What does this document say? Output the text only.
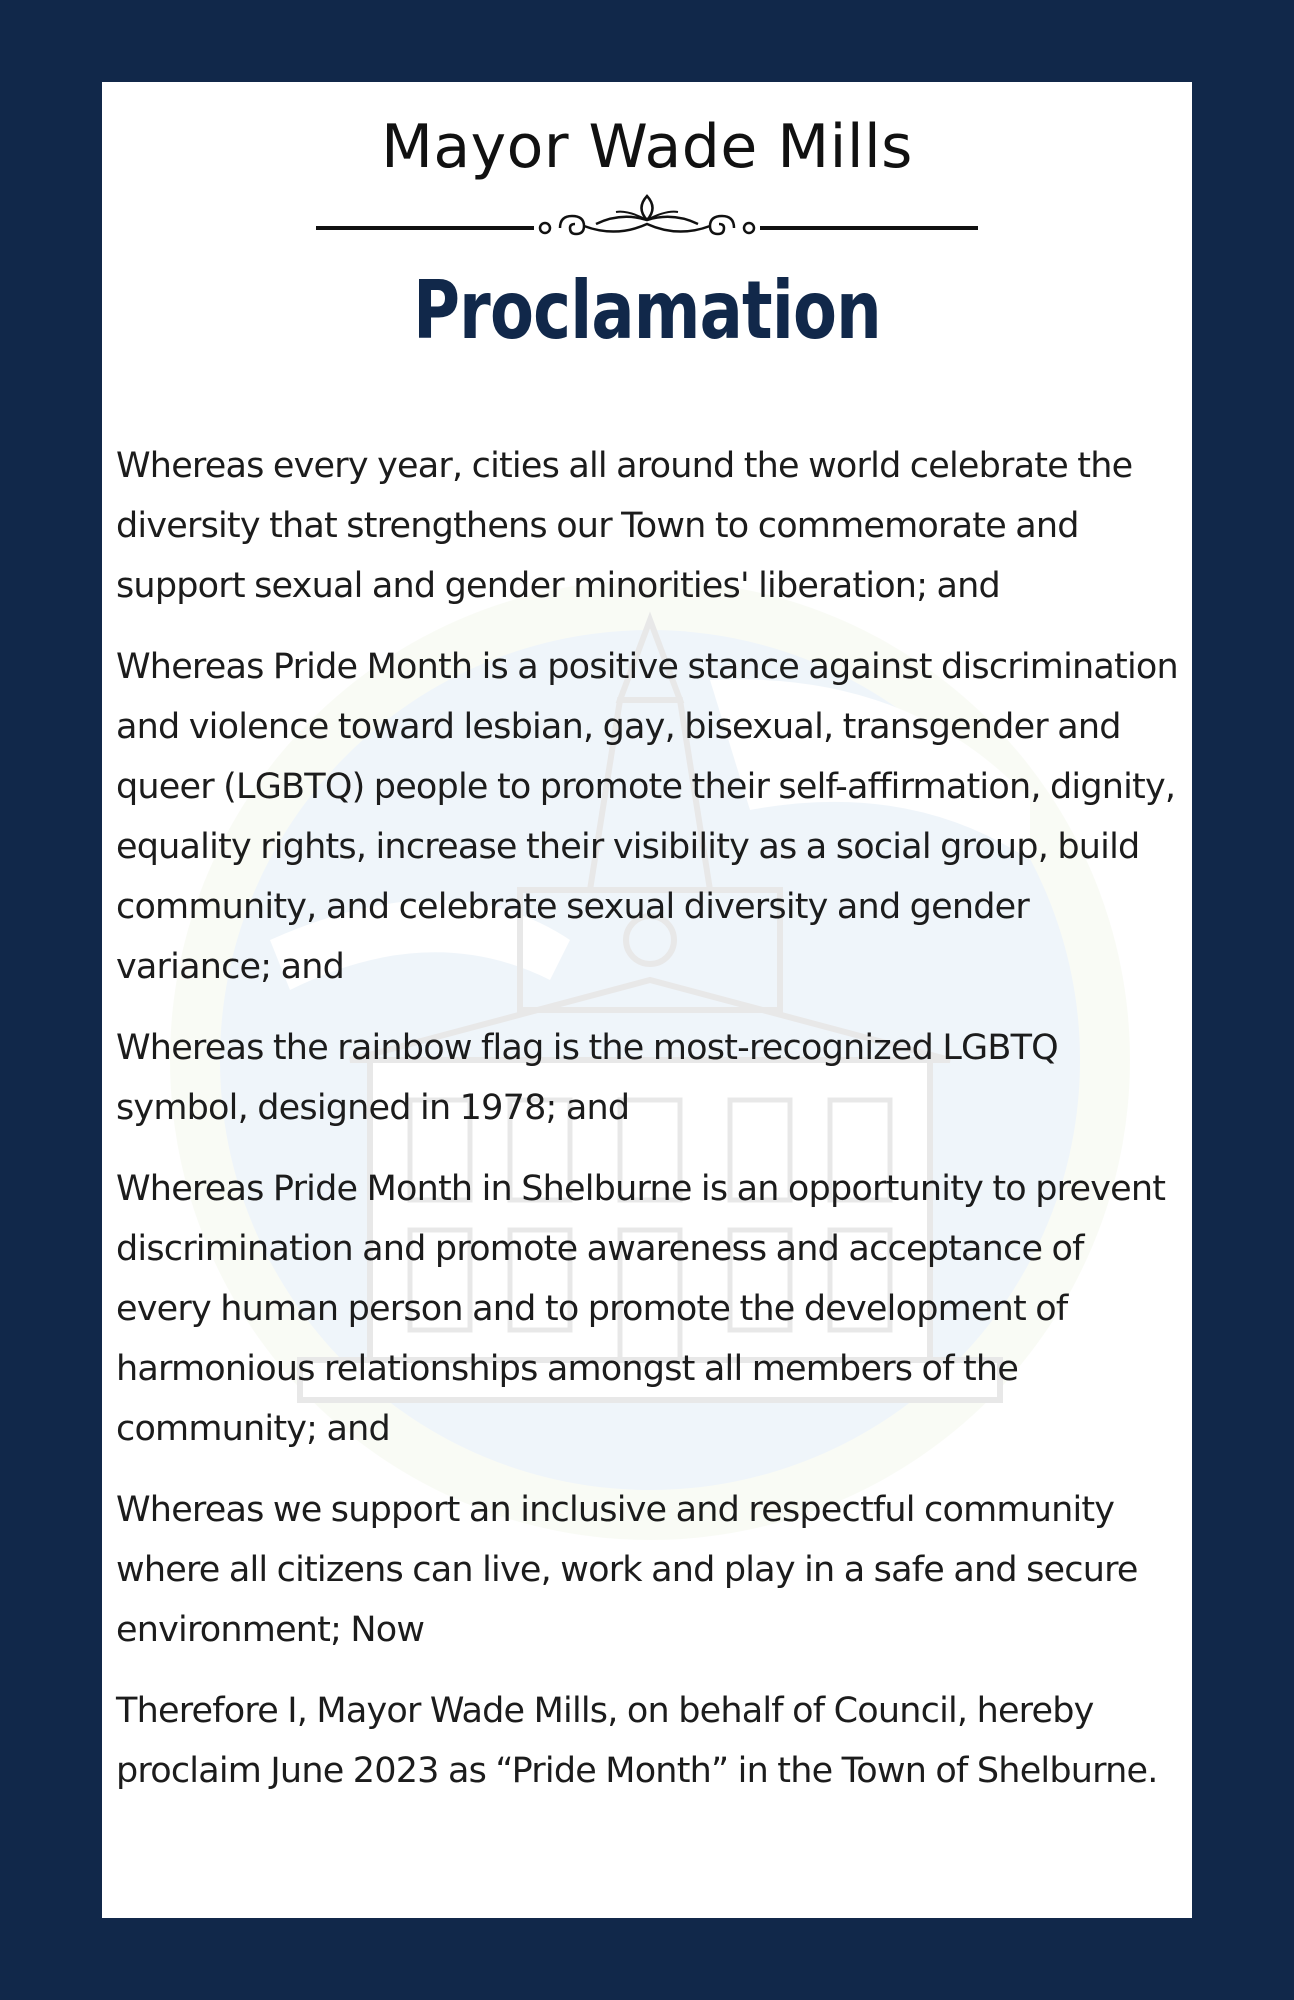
Mayor Wade Mills
Proclamation

Whereas every year, cities all around the world celebrate the diversity that strengthens our Town to commemorate and support sexual and gender minorities' liberation; and

Whereas Pride Month is a positive stance against discrimination and violence toward lesbian, gay, bisexual, transgender and queer (LGBTQ) people to promote their self-affirmation, dignity, equality rights, increase their visibility as a social group, build community, and celebrate sexual diversity and gender variance; and

Whereas the rainbow flag is the most-recognized LGBTQ symbol, designed in 1978; and

Whereas Pride Month in Shelburne is an opportunity to prevent discrimination and promote awareness and acceptance of every human person and to promote the development of harmonious relationships amongst all members of the community; and

Whereas we support an inclusive and respectful community where all citizens can live, work and play in a safe and secure environment; Now

Therefore I, Mayor Wade Mills, on behalf of Council, hereby proclaim June 2023 as “Pride Month” in the Town of Shelburne.
